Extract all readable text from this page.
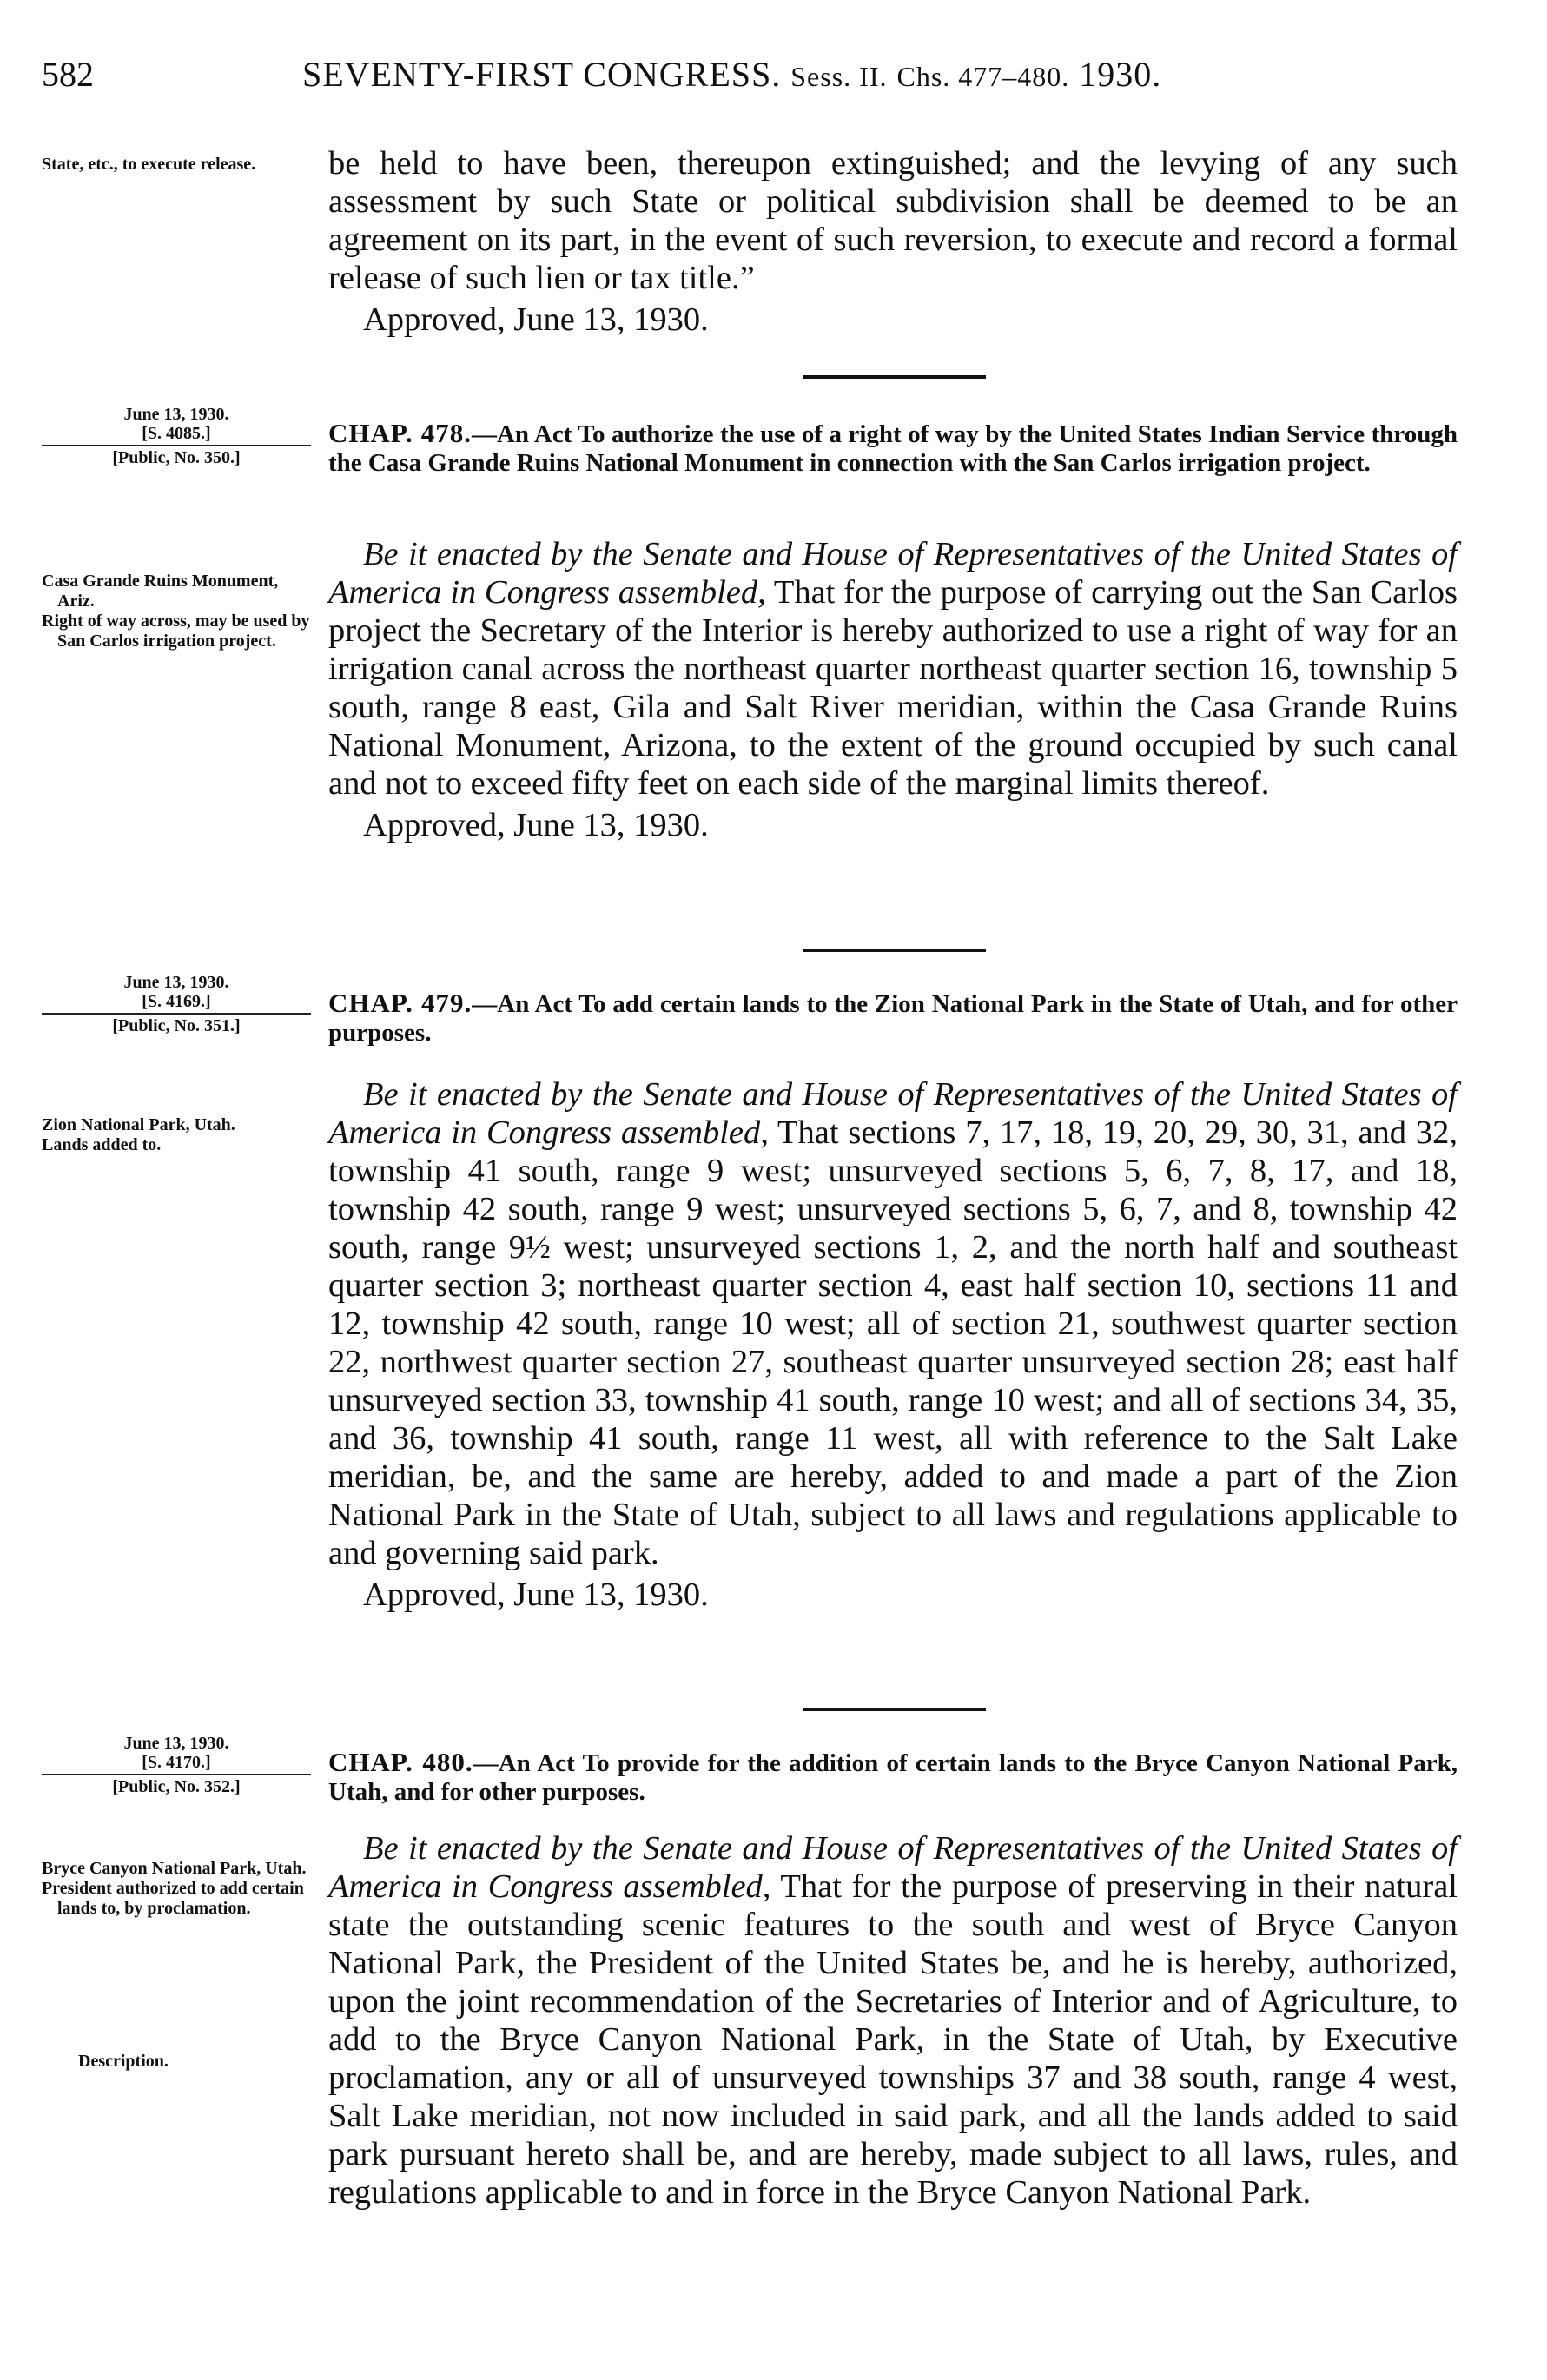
582	SEVENTY-FIRST CONGRESS. Sess. II. Chs. 477–480. 1930.
State, etc., to execute release.	be held to have been, thereupon extinguished; and the levying of any such assessment by such State or political subdivision shall be deemed to be an agreement on its part, in the event of such reversion, to execute and record a formal release of such lien or tax title.”

Approved, June 13, 1930.

June 13, 1930.
[S. 4085.]
[Public, No. 350.]
CHAP. 478.—An Act To authorize the use of a right of way by the United States Indian Service through the Casa Grande Ruins National Monument in connection with the San Carlos irrigation project.
Casa Grande Ruins Monument, Ariz.
Right of way across, may be used by San Carlos irrigation project.

Be it enacted by the Senate and House of Representatives of the United States of America in Congress assembled, That for the purpose of carrying out the San Carlos project the Secretary of the Interior is hereby authorized to use a right of way for an irrigation canal across the northeast quarter northeast quarter section 16, township 5 south, range 8 east, Gila and Salt River meridian, within the Casa Grande Ruins National Monument, Arizona, to the extent of the ground occupied by such canal and not to exceed fifty feet on each side of the marginal limits thereof.

Approved, June 13, 1930.

June 13, 1930.
[S. 4169.]
[Public, No. 351.]
CHAP. 479.—An Act To add certain lands to the Zion National Park in the State of Utah, and for other purposes.
Zion National Park, Utah.
Lands added to.

Be it enacted by the Senate and House of Representatives of the United States of America in Congress assembled, That sections 7, 17, 18, 19, 20, 29, 30, 31, and 32, township 41 south, range 9 west; unsurveyed sections 5, 6, 7, 8, 17, and 18, township 42 south, range 9 west; unsurveyed sections 5, 6, 7, and 8, township 42 south, range 9½ west; unsurveyed sections 1, 2, and the north half and southeast quarter section 3; northeast quarter section 4, east half section 10, sections 11 and 12, township 42 south, range 10 west; all of section 21, southwest quarter section 22, northwest quarter section 27, southeast quarter unsurveyed section 28; east half unsurveyed section 33, township 41 south, range 10 west; and all of sections 34, 35, and 36, township 41 south, range 11 west, all with reference to the Salt Lake meridian, be, and the same are hereby, added to and made a part of the Zion National Park in the State of Utah, subject to all laws and regulations applicable to and governing said park.

Approved, June 13, 1930.

June 13, 1930.
[S. 4170.]
[Public, No. 352.]
CHAP. 480.—An Act To provide for the addition of certain lands to the Bryce Canyon National Park, Utah, and for other purposes.
Bryce Canyon National Park, Utah.
President authorized to add certain lands to, by proclamation.
Description.

Be it enacted by the Senate and House of Representatives of the United States of America in Congress assembled, That for the purpose of preserving in their natural state the outstanding scenic features to the south and west of Bryce Canyon National Park, the President of the United States be, and he is hereby, authorized, upon the joint recommendation of the Secretaries of Interior and of Agriculture, to add to the Bryce Canyon National Park, in the State of Utah, by Executive proclamation, any or all of unsurveyed townships 37 and 38 south, range 4 west, Salt Lake meridian, not now included in said park, and all the lands added to said park pursuant hereto shall be, and are hereby, made subject to all laws, rules, and regulations applicable to and in force in the Bryce Canyon National Park.
